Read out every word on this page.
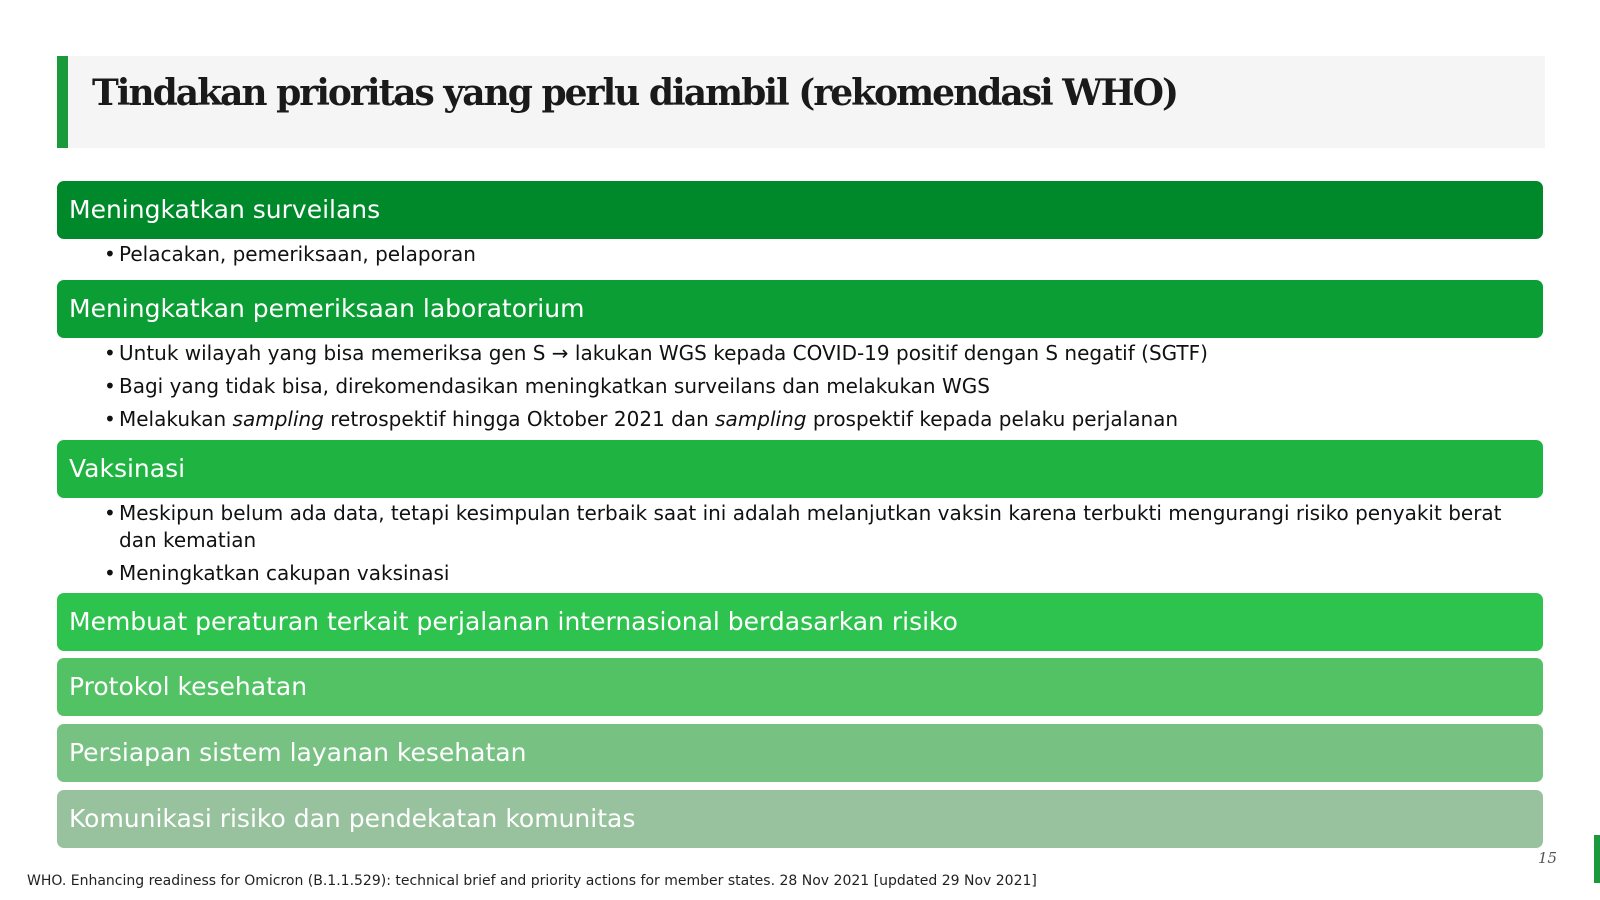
Tindakan prioritas yang perlu diambil (rekomendasi WHO)
Meningkatkan surveilans
• Pelacakan, pemeriksaan, pelaporan
Meningkatkan pemeriksaan laboratorium
• Untuk wilayah yang bisa memeriksa gen S → lakukan WGS kepada COVID-19 positif dengan S negatif (SGTF)
• Bagi yang tidak bisa, direkomendasikan meningkatkan surveilans dan melakukan WGS
• Melakukan sampling retrospektif hingga Oktober 2021 dan sampling prospektif kepada pelaku perjalanan
Vaksinasi
• Meskipun belum ada data, tetapi kesimpulan terbaik saat ini adalah melanjutkan vaksin karena terbukti mengurangi risiko penyakit berat dan kematian
• Meningkatkan cakupan vaksinasi
Membuat peraturan terkait perjalanan internasional berdasarkan risiko
Protokol kesehatan
Persiapan sistem layanan kesehatan
Komunikasi risiko dan pendekatan komunitas
WHO. Enhancing readiness for Omicron (B.1.1.529): technical brief and priority actions for member states. 28 Nov 2021 [updated 29 Nov 2021]
15
